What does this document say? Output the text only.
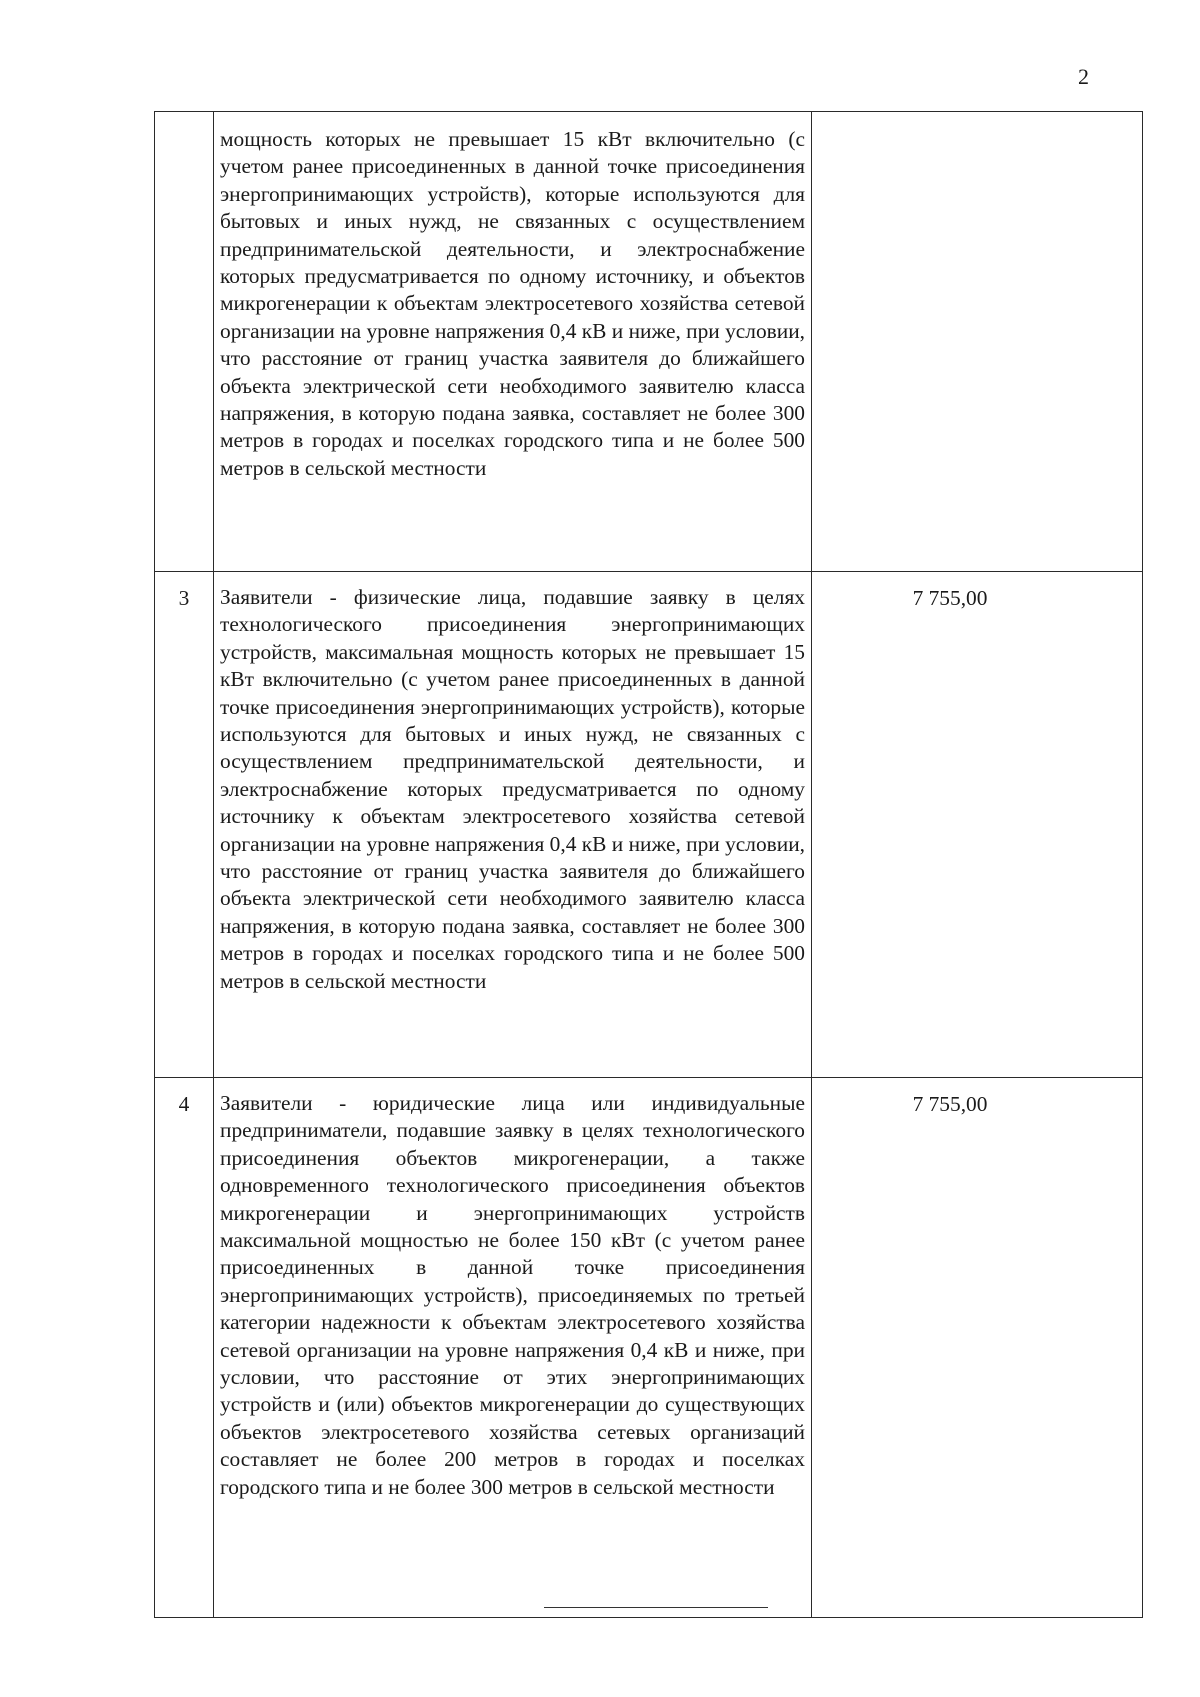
2
	мощность которых не превышает 15 кВт включительно (с учетом ранее присоединенных в данной точке присоединения энергопринимающих устройств), которые используются для бытовых и иных нужд, не связанных с осуществлением предпринимательской деятельности, и электроснабжение которых предусматривается по одному источнику, и объектов микрогенерации к объектам электросетевого хозяйства сетевой организации на уровне напряжения 0,4 кВ и ниже, при условии, что расстояние от границ участка заявителя до ближайшего объекта электрической сети необходимого заявителю класса напряжения, в которую подана заявка, составляет не более 300 метров в городах и поселках городского типа и не более 500 метров в сельской местности	
3	Заявители - физические лица, подавшие заявку в целях технологического присоединения энергопринимающих устройств, максимальная мощность которых не превышает 15 кВт включительно (с учетом ранее присоединенных в данной точке присоединения энергопринимающих устройств), которые используются для бытовых и иных нужд, не связанных с осуществлением предпринимательской деятельности, и электроснабжение которых предусматривается по одному источнику к объектам электросетевого хозяйства сетевой организации на уровне напряжения 0,4 кВ и ниже, при условии, что расстояние от границ участка заявителя до ближайшего объекта электрической сети необходимого заявителю класса напряжения, в которую подана заявка, составляет не более 300 метров в городах и поселках городского типа и не более 500 метров в сельской местности	7 755,00
4	Заявители - юридические лица или индивидуальные предприниматели, подавшие заявку в целях технологического присоединения объектов микрогенерации, а также одновременного технологического присоединения объектов микрогенерации и энергопринимающих устройств максимальной мощностью не более 150 кВт (с учетом ранее присоединенных в данной точке присоединения энергопринимающих устройств), присоединяемых по третьей категории надежности к объектам электросетевого хозяйства сетевой организации на уровне напряжения 0,4 кВ и ниже, при условии, что расстояние от этих энергопринимающих устройств и (или) объектов микрогенерации до существующих объектов электросетевого хозяйства сетевых организаций составляет не более 200 метров в городах и поселках городского типа и не более 300 метров в сельской местности	7 755,00
